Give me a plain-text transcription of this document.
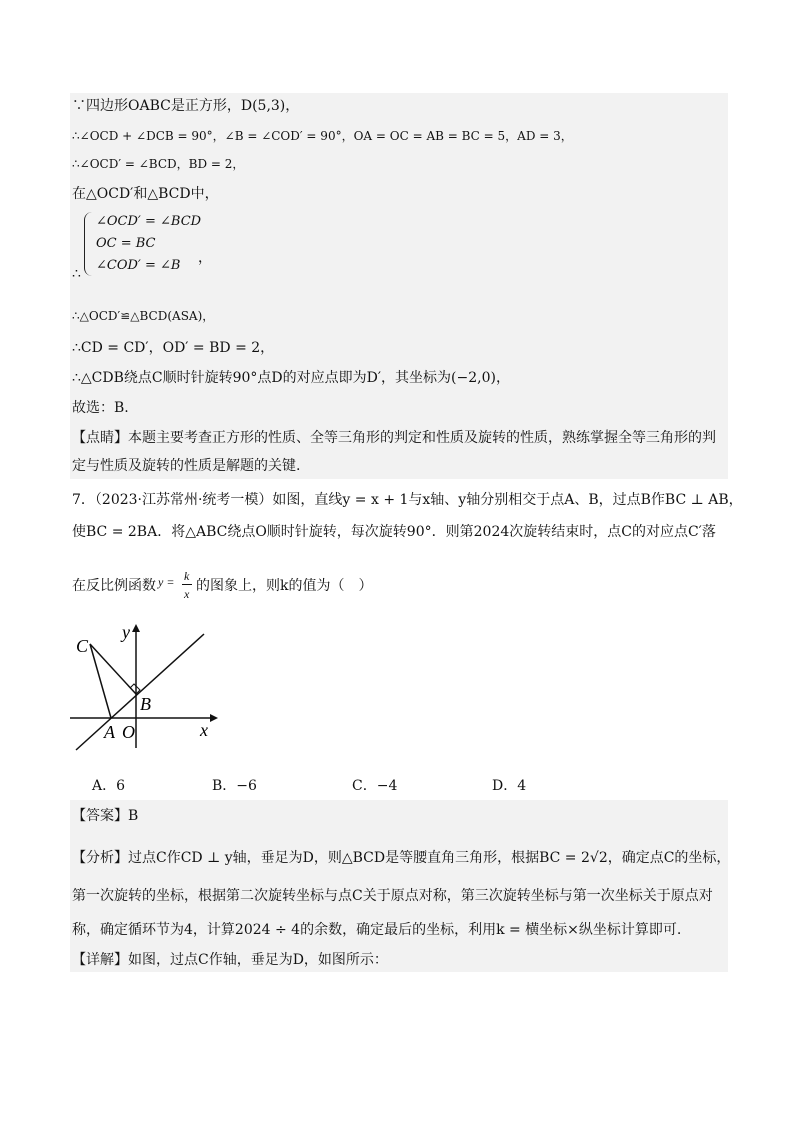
∵四边形OABC是正方形，D(5,3)，
∴∠OCD + ∠DCB = 90°，∠B = ∠COD′ = 90°，OA = OC = AB = BC = 5，AD = 3，
∴∠OCD′ = ∠BCD，BD = 2，
在△OCD′和△BCD中，
∠OCD′ = ∠BCD
OC = BC
∠COD′ = ∠B
∴
，
∴△OCD′≌△BCD(ASA)，
∴CD = CD′，OD′ = BD = 2，
∴△CDB绕点C顺时针旋转90°点D的对应点即为D′，其坐标为(−2,0)，
故选：B.
【点睛】本题主要考查正方形的性质、全等三角形的判定和性质及旋转的性质，熟练掌握全等三角形的判
定与性质及旋转的性质是解题的关键.
7．（2023·江苏常州·统考一模）如图，直线y = x + 1与x轴、y轴分别相交于点A、B，过点B作BC ⊥ AB，
使BC = 2BA．将△ABC绕点O顺时针旋转，每次旋转90°．则第2024次旋转结束时，点C的对应点C′落
在反比例函数 y = k
x 的图象上，则k的值为（　）
C
y
B
A O	x
A．6	B．−6	C．−4	D．4
【答案】B
【分析】过点C作CD ⊥ y轴，垂足为D，则△BCD是等腰直角三角形，根据BC = 2√2，确定点C的坐标，
第一次旋转的坐标，根据第二次旋转坐标与点C关于原点对称，第三次旋转坐标与第一次坐标关于原点对
称，确定循环节为4，计算2024 ÷ 4的余数，确定最后的坐标，利用k = 横坐标×纵坐标计算即可.
【详解】如图，过点C作轴，垂足为D，如图所示：
